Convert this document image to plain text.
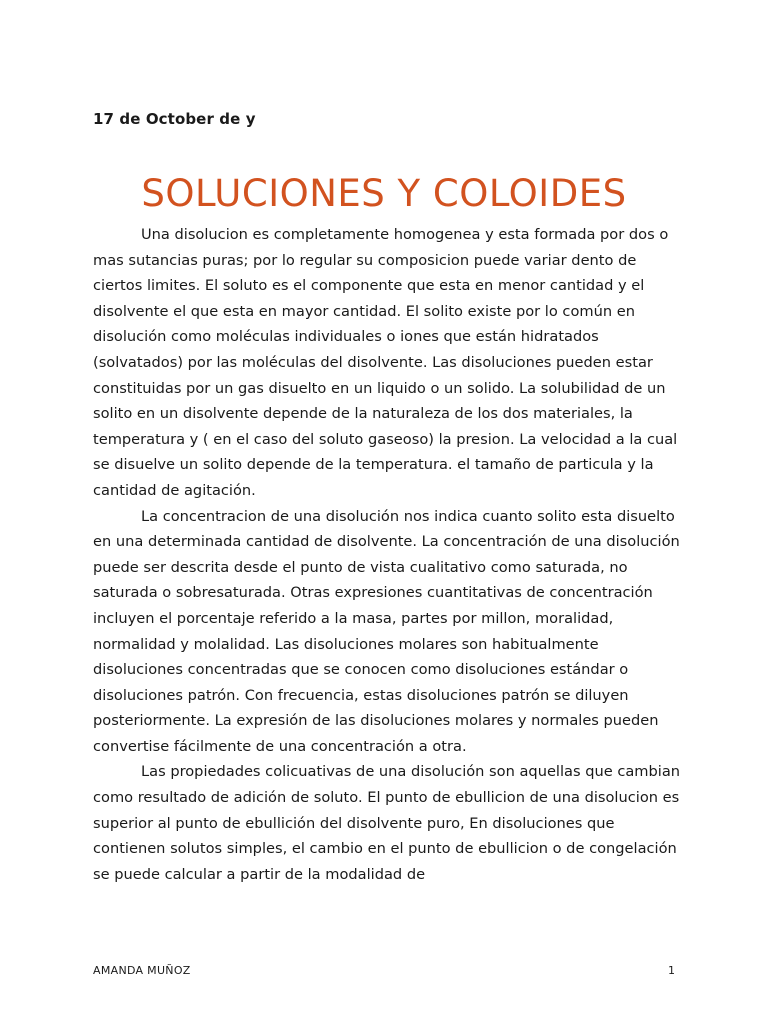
17 de October de y
SOLUCIONES Y COLOIDES

Una disolucion es completamente homogenea y esta formada por dos o mas sutancias puras; por lo regular su composicion puede variar dento de ciertos limites. El soluto es el componente que esta en menor cantidad y el disolvente el que esta en mayor cantidad. El solito existe por lo común en disolución como moléculas individuales o iones que están hidratados (solvatados) por las moléculas del disolvente. Las disoluciones pueden estar constituidas por un gas disuelto en un liquido o un solido. La solubilidad de un solito en un disolvente depende de la naturaleza de los dos materiales, la temperatura y ( en el caso del soluto gaseoso) la presion. La velocidad a la cual se disuelve un solito depende de la temperatura. el tamaño de particula y la cantidad de agitación.

La concentracion de una disolución nos indica cuanto solito esta disuelto en una determinada cantidad de disolvente. La concentración de una disolución puede ser descrita desde el punto de vista cualitativo como saturada, no saturada o sobresaturada. Otras expresiones cuantitativas de concentración incluyen el porcentaje referido a la masa, partes por millon, moralidad, normalidad y molalidad. Las disoluciones molares son habitualmente disoluciones concentradas que se conocen como disoluciones estándar o disoluciones patrón. Con frecuencia, estas disoluciones patrón se diluyen posteriormente. La expresión de las disoluciones molares y normales pueden convertise fácilmente de una concentración a otra.

Las propiedades colicuativas de una disolución son aquellas que cambian como resultado de adición de soluto. El punto de ebullicion de una disolucion es superior al punto de ebullición del disolvente puro, En disoluciones que contienen solutos simples, el cambio en el punto de ebullicion o de congelación se puede calcular a partir de la modalidad de

AMANDA MUÑOZ	1
